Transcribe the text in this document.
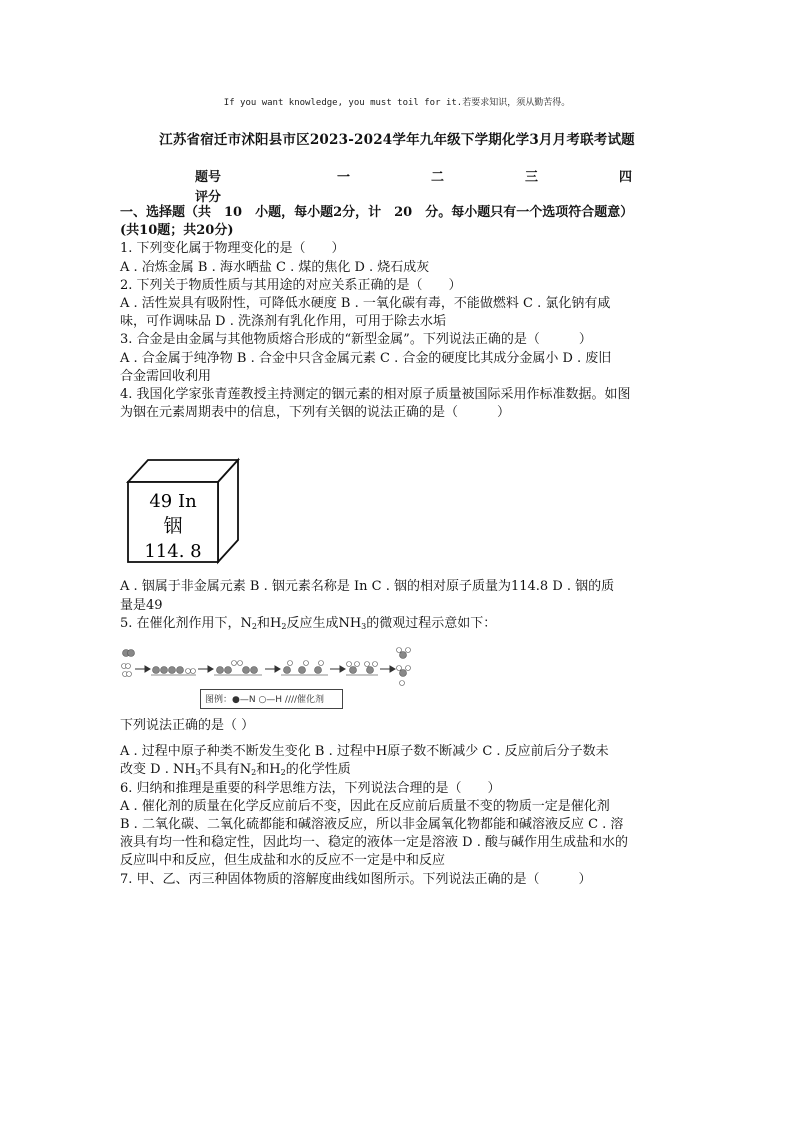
If you want knowledge, you must toil for it.若要求知识，须从勤苦得。
江苏省宿迁市沭阳县市区2023-2024学年九年级下学期化学3月月考联考试题
题号	一	二	三	四
评分

一、选择题（共　10　小题，每小题2分，计　20　分。每小题只有一个选项符合题意）

(共10题；共20分)

1. 下列变化属于物理变化的是（　　）

A . 冶炼金属 B . 海水晒盐 C . 煤的焦化 D . 烧石成灰

2. 下列关于物质性质与其用途的对应关系正确的是（　　）

A . 活性炭具有吸附性，可降低水硬度 B . 一氧化碳有毒，不能做燃料 C . 氯化钠有咸

味，可作调味品 D . 洗涤剂有乳化作用，可用于除去水垢

3. 合金是由金属与其他物质熔合形成的“新型金属”。下列说法正确的是（　　　）

A . 合金属于纯净物 B . 合金中只含金属元素 C . 合金的硬度比其成分金属小 D . 废旧

合金需回收利用

4. 我国化学家张青莲教授主持测定的铟元素的相对原子质量被国际采用作标准数据。如图

为铟在元素周期表中的信息，下列有关铟的说法正确的是（　　　）

49 In
铟
114. 8

A . 铟属于非金属元素 B . 铟元素名称是 In C . 铟的相对原子质量为114.8 D . 铟的质

量是49

5. 在催化剂作用下，$N_2$和$H_2$反应生成$NH_3$的微观过程示意如下：

图例：●—N ○—H ////催化剂

下列说法正确的是（ ）

A . 过程中原子种类不断发生变化 B . 过程中H原子数不断减少 C . 反应前后分子数未

改变 D . $NH_3$不具有$N_2$和$H_2$的化学性质

6. 归纳和推理是重要的科学思维方法，下列说法合理的是（　　）

A . 催化剂的质量在化学反应前后不变，因此在反应前后质量不变的物质一定是催化剂

B . 二氧化碳、二氧化硫都能和碱溶液反应，所以非金属氧化物都能和碱溶液反应 C . 溶

液具有均一性和稳定性，因此均一、稳定的液体一定是溶液 D . 酸与碱作用生成盐和水的

反应叫中和反应，但生成盐和水的反应不一定是中和反应

7. 甲、乙、丙三种固体物质的溶解度曲线如图所示。下列说法正确的是（　　　）
